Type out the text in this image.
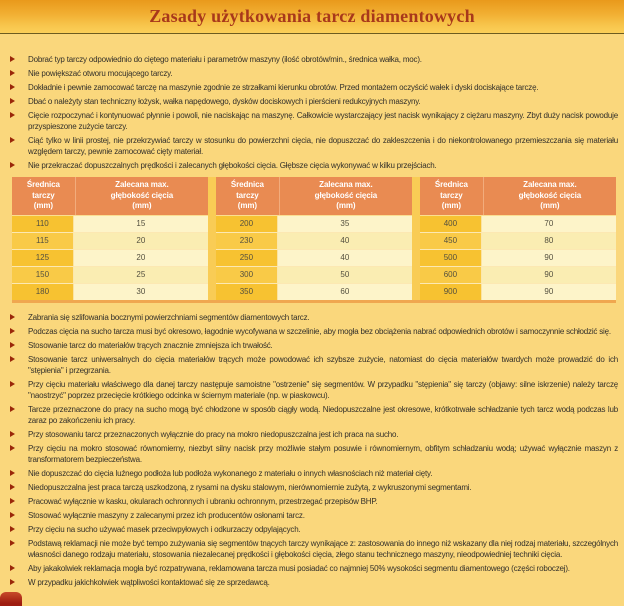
Zasady użytkowania tarcz diamentowych
Dobrać typ tarczy odpowiednio do ciętego materiału i parametrów maszyny (ilość obrotów/min., średnica wałka, moc).
Nie powiększać otworu mocującego tarczy.
Dokładnie i pewnie zamocować tarczę na maszynie zgodnie ze strzałkami kierunku obrotów. Przed montażem oczyścić wałek i dyski dociskające tarczę.
Dbać o należyty stan techniczny łożysk, wałka napędowego, dysków dociskowych i pierścieni redukcyjnych maszyny.
Cięcie rozpoczynać i kontynuować płynnie i powoli, nie naciskając na maszynę. Całkowicie wystarczający jest nacisk wynikający z ciężaru maszyny. Zbyt duży nacisk powoduje przyspieszone zużycie tarczy.
Ciąć tylko w linii prostej, nie przekrzywiać tarczy w stosunku do powierzchni cięcia, nie dopuszczać do zakleszczenia i do niekontrolowanego przemieszczania się materiału względem tarczy, pewnie zamocować cięty materiał.
Nie przekraczać dopuszczalnych prędkości i zalecanych głębokości cięcia. Głębsze cięcia wykonywać w kilku przejściach.
Średnica
tarczy
(mm)
Zalecana max.
głębokość cięcia
(mm)
110	15
115	20
125	20
150	25
180	30
Średnica
tarczy
(mm)
Zalecana max.
głębokość cięcia
(mm)
200	35
230	40
250	40
300	50
350	60
Średnica
tarczy
(mm)
Zalecana max.
głębokość cięcia
(mm)
400	70
450	80
500	90
600	90
900	90
Zabrania się szlifowania bocznymi powierzchniami segmentów diamentowych tarcz.
Podczas cięcia na sucho tarcza musi być okresowo, łagodnie wycofywana w szczelinie, aby mogła bez obciążenia nabrać odpowiednich obrotów i samoczynnie schłodzić się.
Stosowanie tarcz do materiałów trących znacznie zmniejsza ich trwałość.
Stosowanie tarcz uniwersalnych do cięcia materiałów trących może powodować ich szybsze zużycie, natomiast do cięcia materiałów twardych może prowadzić do ich "stępienia" i przegrzania.
Przy cięciu materiału właściwego dla danej tarczy następuje samoistne "ostrzenie" się segmentów. W przypadku "stępienia" się tarczy (objawy: silne iskrzenie) należy tarczę "naostrzyć" poprzez przecięcie krótkiego odcinka w ściernym materiale (np. w piaskowcu).
Tarcze przeznaczone do pracy na sucho mogą być chłodzone w sposób ciągły wodą. Niedopuszczalne jest okresowe, krótkotrwałe schładzanie tych tarcz wodą podczas lub zaraz po zakończeniu ich pracy.
Przy stosowaniu tarcz przeznaczonych wyłącznie do pracy na mokro niedopuszczalna jest ich praca na sucho.
Przy cięciu na mokro stosować równomierny, niezbyt silny nacisk przy możliwie stałym posuwie i równomiernym, obfitym schładzaniu wodą; używać wyłącznie maszyn z transformatorem bezpieczeństwa.
Nie dopuszczać do cięcia luźnego podłoża lub podłoża wykonanego z materiału o innych własnościach niż materiał cięty.
Niedopuszczalna jest praca tarczą uszkodzoną, z rysami na dysku stalowym, nierównomiernie zużytą, z wykruszonymi segmentami.
Pracować wyłącznie w kasku, okularach ochronnych i ubraniu ochronnym, przestrzegać przepisów BHP.
Stosować wyłącznie maszyny z zalecanymi przez ich producentów osłonami tarcz.
Przy cięciu na sucho używać masek przeciwpyłowych i odkurzaczy odpylających.
Podstawą reklamacji nie może być tempo zużywania się segmentów tnących tarczy wynikające z: zastosowania do innego niż wskazany dla niej rodzaj materiału, szczególnych własności danego rodzaju materiału, stosowania niezalecanej prędkości i głębokości cięcia, złego stanu technicznego maszyny, nieodpowiedniej techniki cięcia.
Aby jakakolwiek reklamacja mogła być rozpatrywana, reklamowana tarcza musi posiadać co najmniej 50% wysokości segmentu diamentowego (części roboczej).
W przypadku jakichkolwiek wątpliwości kontaktować się ze sprzedawcą.
